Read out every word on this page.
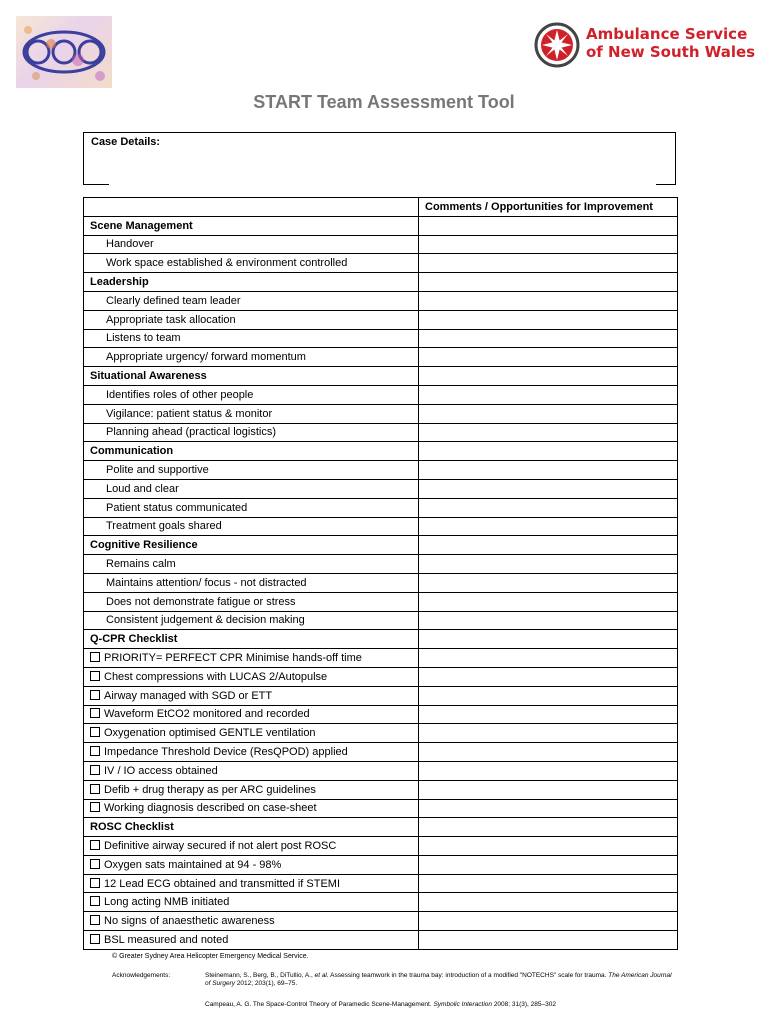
Ambulance Service
of New South Wales
START Team Assessment Tool
Case Details:
	Comments / Opportunities for Improvement
Scene Management	
Handover	
Work space established & environment controlled	
Leadership	
Clearly defined team leader	
Appropriate task allocation	
Listens to team	
Appropriate urgency/ forward momentum	
Situational Awareness	
Identifies roles of other people	
Vigilance: patient status & monitor	
Planning ahead (practical logistics)	
Communication	
Polite and supportive	
Loud and clear	
Patient status communicated	
Treatment goals shared	
Cognitive Resilience	
Remains calm	
Maintains attention/ focus - not distracted	
Does not demonstrate fatigue or stress	
Consistent judgement & decision making	
Q-CPR Checklist	
PRIORITY= PERFECT CPR Minimise hands-off time	
Chest compressions with LUCAS 2/Autopulse	
Airway managed with SGD or ETT	
Waveform EtCO2 monitored and recorded	
Oxygenation optimised GENTLE ventilation	
Impedance Threshold Device (ResQPOD) applied	
IV / IO access obtained	
Defib + drug therapy as per ARC guidelines	
Working diagnosis described on case-sheet	
ROSC Checklist	
Definitive airway secured if not alert post ROSC	
Oxygen sats maintained at 94 - 98%	
12 Lead ECG obtained and transmitted if STEMI	
Long acting NMB initiated	
No signs of anaesthetic awareness	
BSL measured and noted	
© Greater Sydney Area Helicopter Emergency Medical Service.
Acknowledgements:	Steinemann, S., Berg, B., DiTullio, A., et al. Assessing teamwork in the trauma bay: introduction of a modified "NOTECHS" scale for trauma. The American Journal of Surgery 2012; 203(1), 69–75.
Campeau, A. G. The Space-Control Theory of Paramedic Scene-Management. Symbolic Interaction 2008; 31(3), 285–302
